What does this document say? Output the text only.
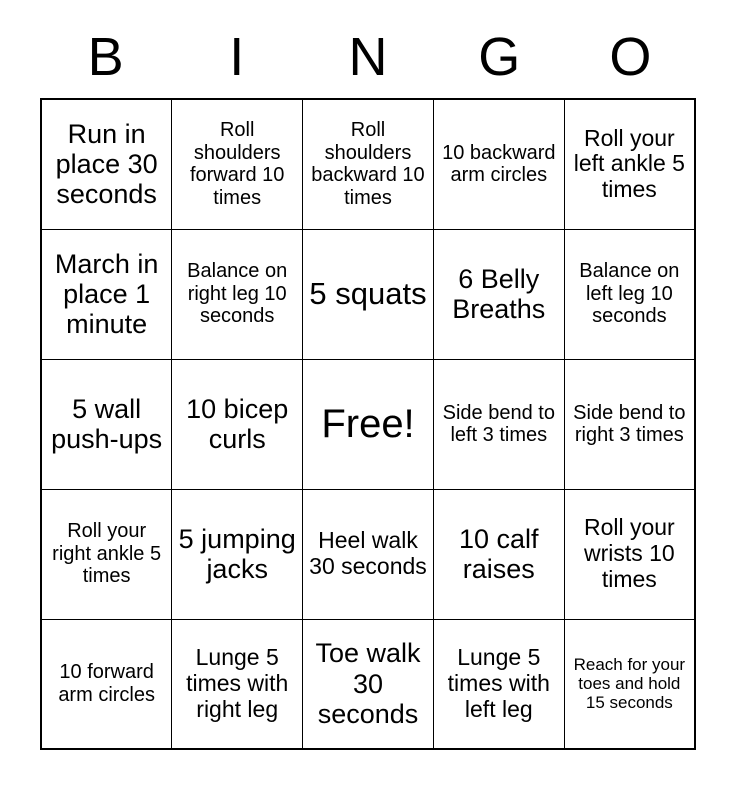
B	I	N	G	O
Run in place 30 seconds	Roll shoulders forward 10 times	Roll shoulders backward 10 times	10 backward arm circles	Roll your left ankle 5 times

March in place 1 minute	Balance on right leg 10 seconds	5 squats	6 Belly Breaths	Balance on left leg 10 seconds

5 wall push-ups	10 bicep curls	Free!	Side bend to left 3 times	Side bend to right 3 times

Roll your right ankle 5 times	5 jumping jacks	Heel walk 30 seconds	10 calf raises	Roll your wrists 10 times

10 forward arm circles	Lunge 5 times with right leg	Toe walk 30 seconds	Lunge 5 times with left leg	Reach for your toes and hold 15 seconds
